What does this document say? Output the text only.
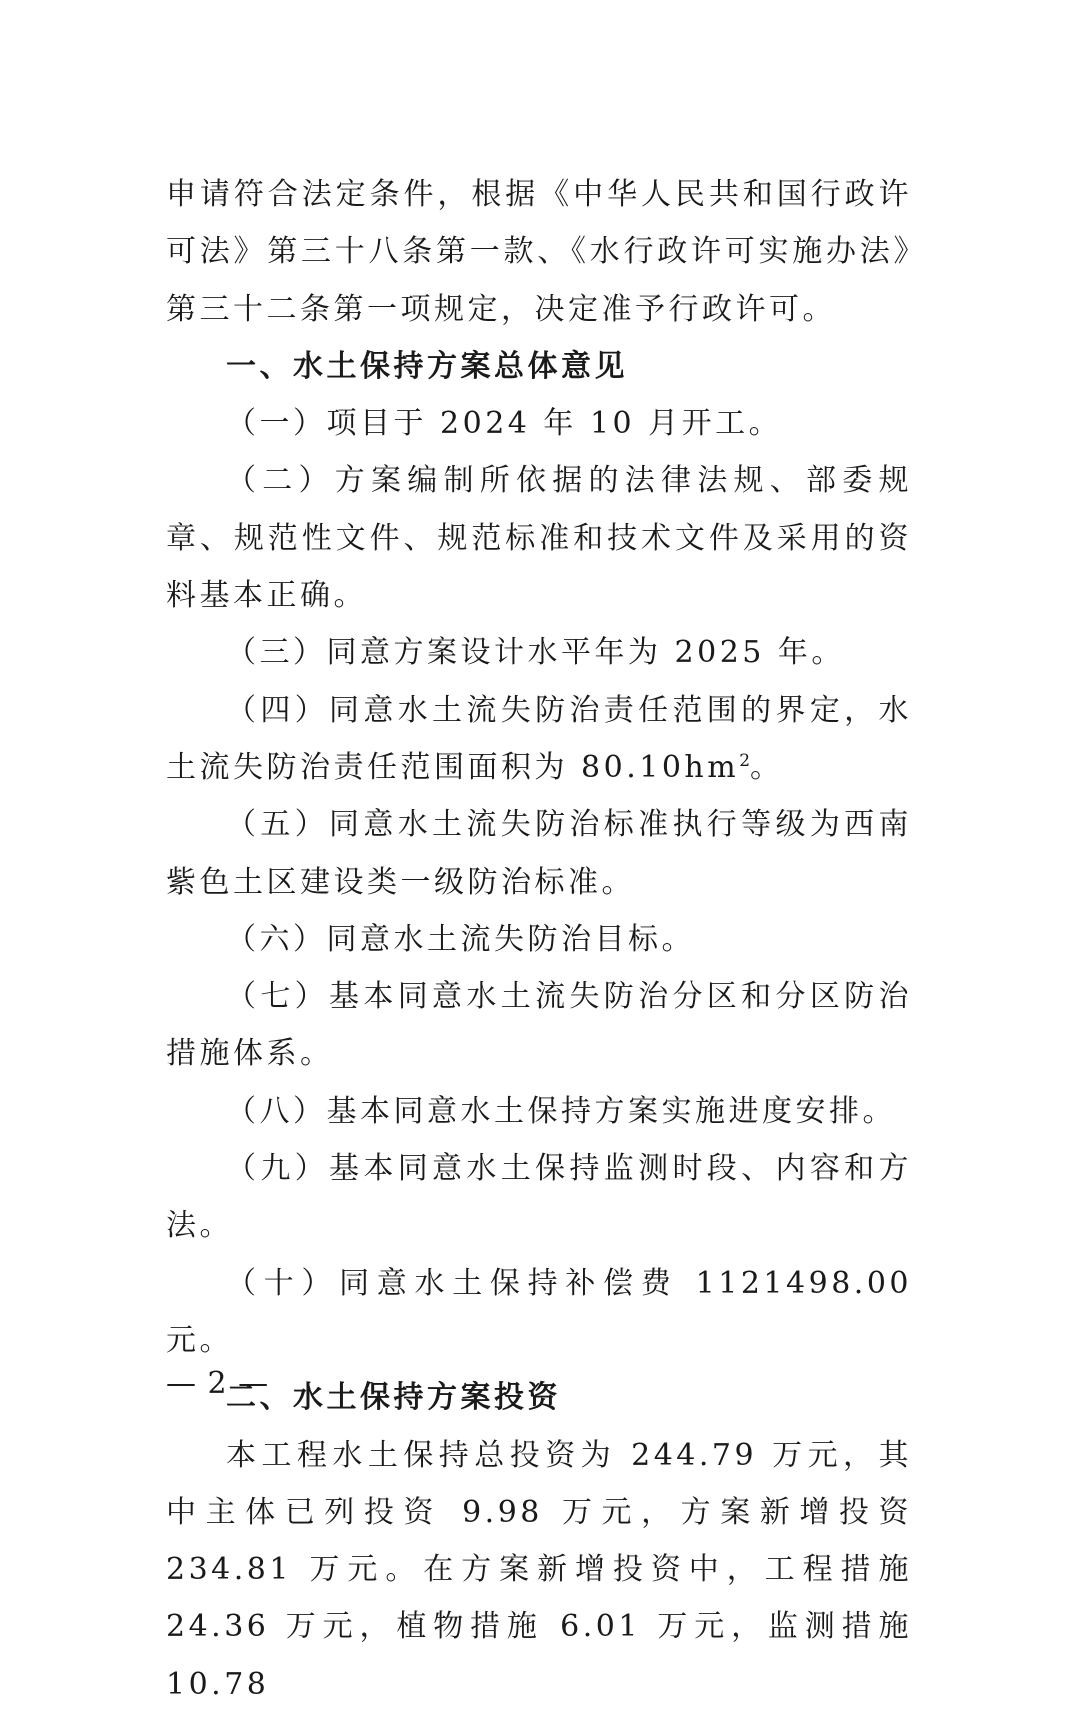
申请符合法定条件，根据《中华人民共和国行政许可法》第三十八条第一款、《水行政许可实施办法》第三十二条第一项规定，决定准予行政许可。

一、水土保持方案总体意见

（一）项目于 2024 年 10 月开工。

（二）方案编制所依据的法律法规、部委规章、规范性文件、规范标准和技术文件及采用的资料基本正确。

（三）同意方案设计水平年为 2025 年。

（四）同意水土流失防治责任范围的界定，水土流失防治责任范围面积为 $80.10hm^2$。

（五）同意水土流失防治标准执行等级为西南紫色土区建设类一级防治标准。

（六）同意水土流失防治目标。

（七）基本同意水土流失防治分区和分区防治措施体系。

（八）基本同意水土保持方案实施进度安排。

（九）基本同意水土保持监测时段、内容和方法。

（十）同意水土保持补偿费 1121498.00 元。

二、水土保持方案投资

本工程水土保持总投资为 244.79 万元，其中主体已列投资 9.98 万元，方案新增投资 234.81 万元。在方案新增投资中，工程措施 24.36 万元，植物措施 6.01 万元，监测措施 10.78

— 2 —
